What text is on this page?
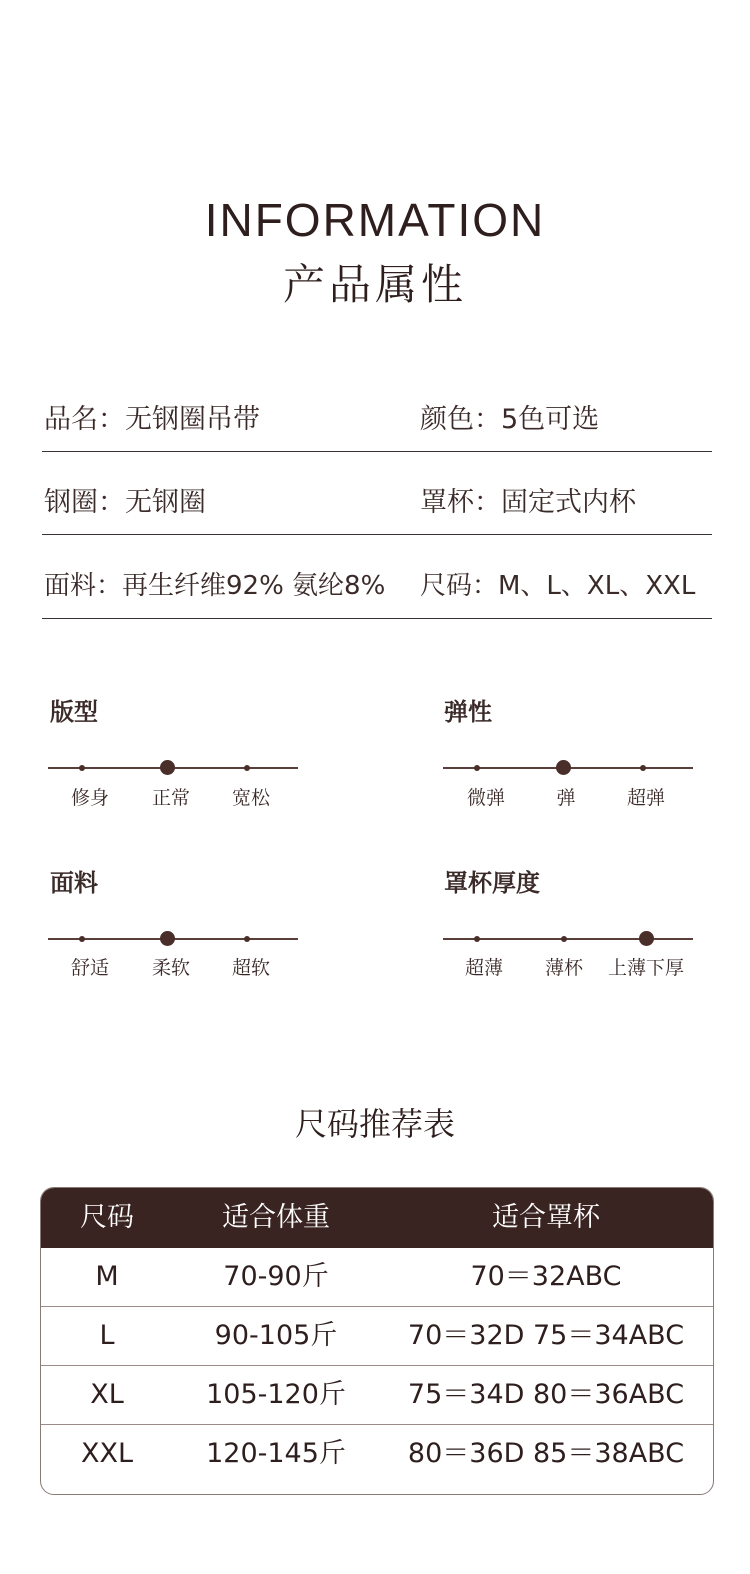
INFORMATION
产品属性
品名：无钢圈吊带	颜色：5色可选
钢圈：无钢圈	罩杯：固定式内杯
面料：再生纤维92% 氨纶8% 尺码：M、L、XL、XXL
版型
修身	正常	宽松
弹性
微弹	弹	超弹
面料
舒适	柔软	超软
罩杯厚度
超薄	薄杯	上薄下厚
尺码推荐表
尺码	适合体重	适合罩杯
M	70-90斤	70＝32ABC
L	90-105斤	70＝32D 75＝34ABC
XL	105-120斤	75＝34D 80＝36ABC
XXL	120-145斤	80＝36D 85＝38ABC
